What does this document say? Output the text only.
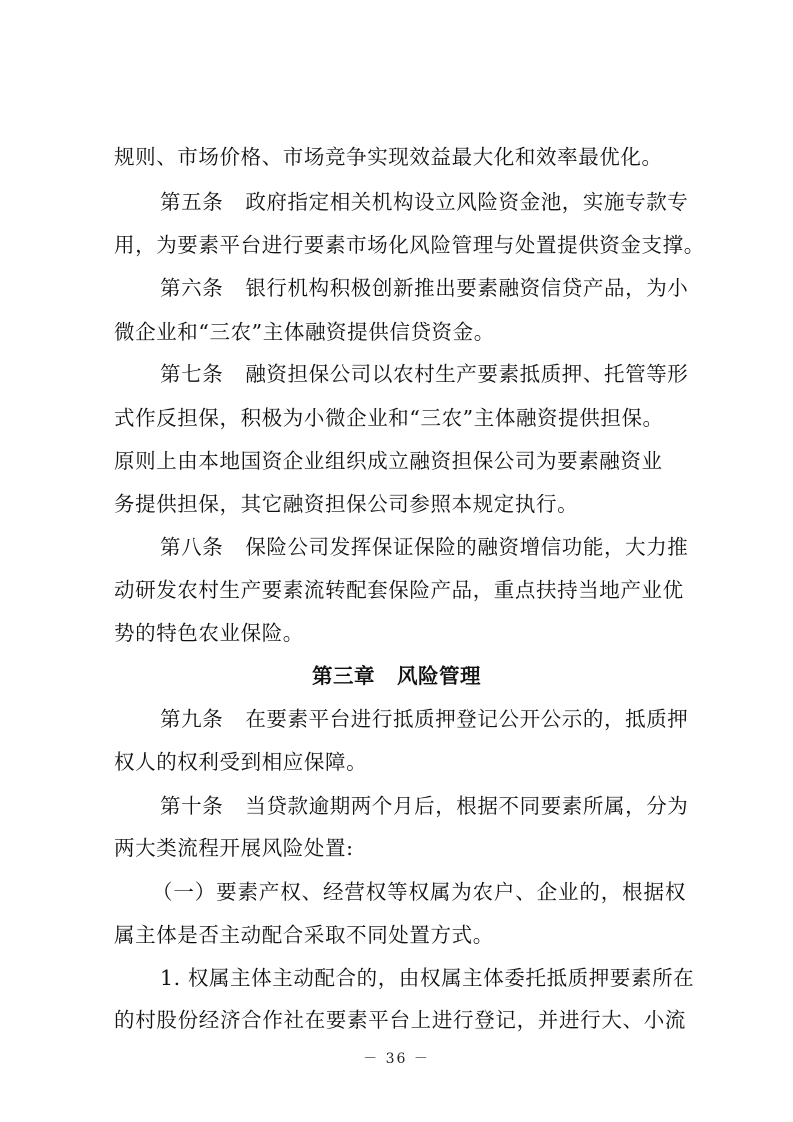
规则、市场价格、市场竞争实现效益最大化和效率最优化。
第五条 政府指定相关机构设立风险资金池，实施专款专
用，为要素平台进行要素市场化风险管理与处置提供资金支撑。
第六条 银行机构积极创新推出要素融资信贷产品，为小
微企业和“三农”主体融资提供信贷资金。
第七条 融资担保公司以农村生产要素抵质押、托管等形
式作反担保，积极为小微企业和“三农”主体融资提供担保。
原则上由本地国资企业组织成立融资担保公司为要素融资业
务提供担保，其它融资担保公司参照本规定执行。
第八条 保险公司发挥保证保险的融资增信功能，大力推
动研发农村生产要素流转配套保险产品，重点扶持当地产业优
势的特色农业保险。
第三章 风险管理
第九条 在要素平台进行抵质押登记公开公示的，抵质押
权人的权利受到相应保障。
第十条 当贷款逾期两个月后，根据不同要素所属，分为
两大类流程开展风险处置:
（一）要素产权、经营权等权属为农户、企业的，根据权
属主体是否主动配合采取不同处置方式。
1. 权属主体主动配合的，由权属主体委托抵质押要素所在
的村股份经济合作社在要素平台上进行登记，并进行大、小流
－ 36 －
